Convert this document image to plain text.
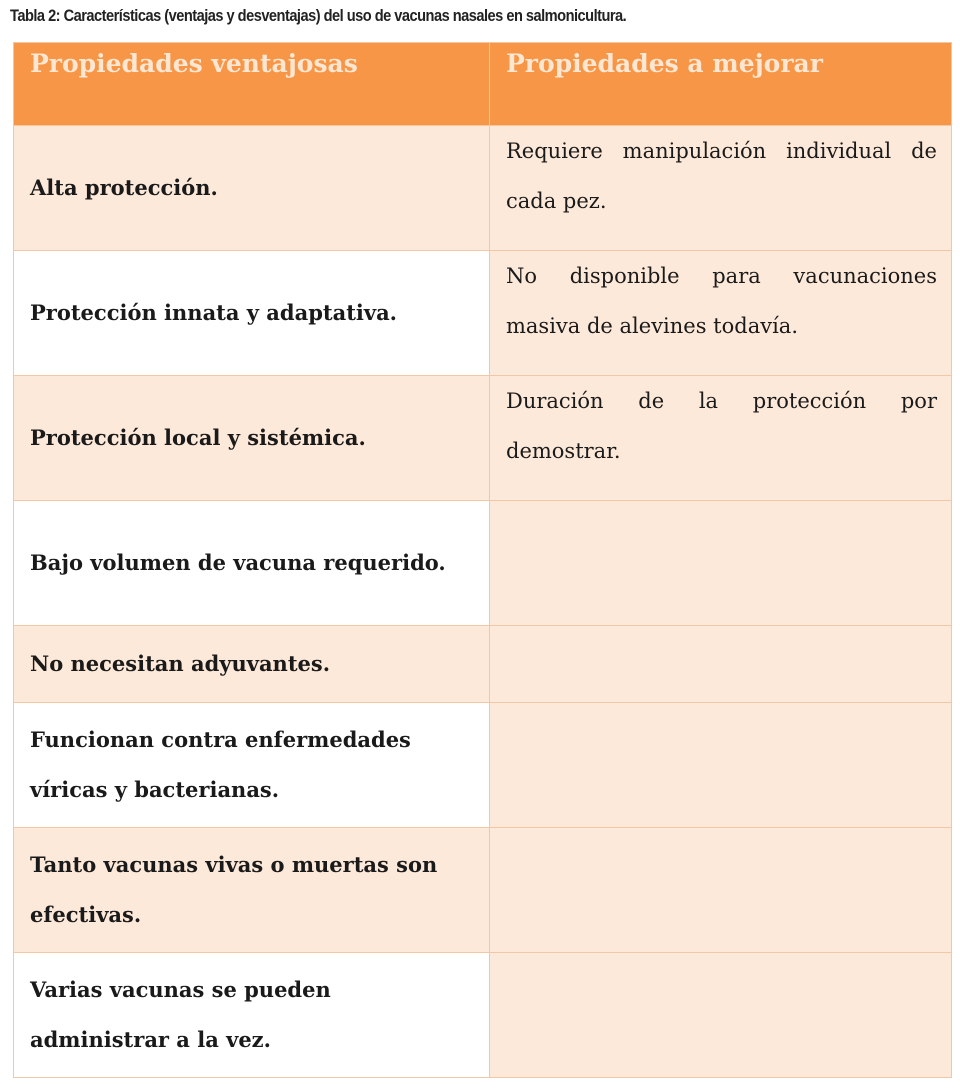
Tabla 2: Características (ventajas y desventajas) del uso de vacunas nasales en salmonicultura.
Propiedades ventajosas	Propiedades a mejorar
Alta protección.	Requiere manipulación individual de cada pez.
Protección innata y adaptativa.	No disponible para vacunaciones masiva de alevines todavía.
Protección local y sistémica.	Duración de la protección por demostrar.
Bajo volumen de vacuna requerido.	
No necesitan adyuvantes.	
Funcionan contra enfermedades víricas y bacterianas.	
Tanto vacunas vivas o muertas son efectivas.	
Varias vacunas se pueden administrar a la vez.	
